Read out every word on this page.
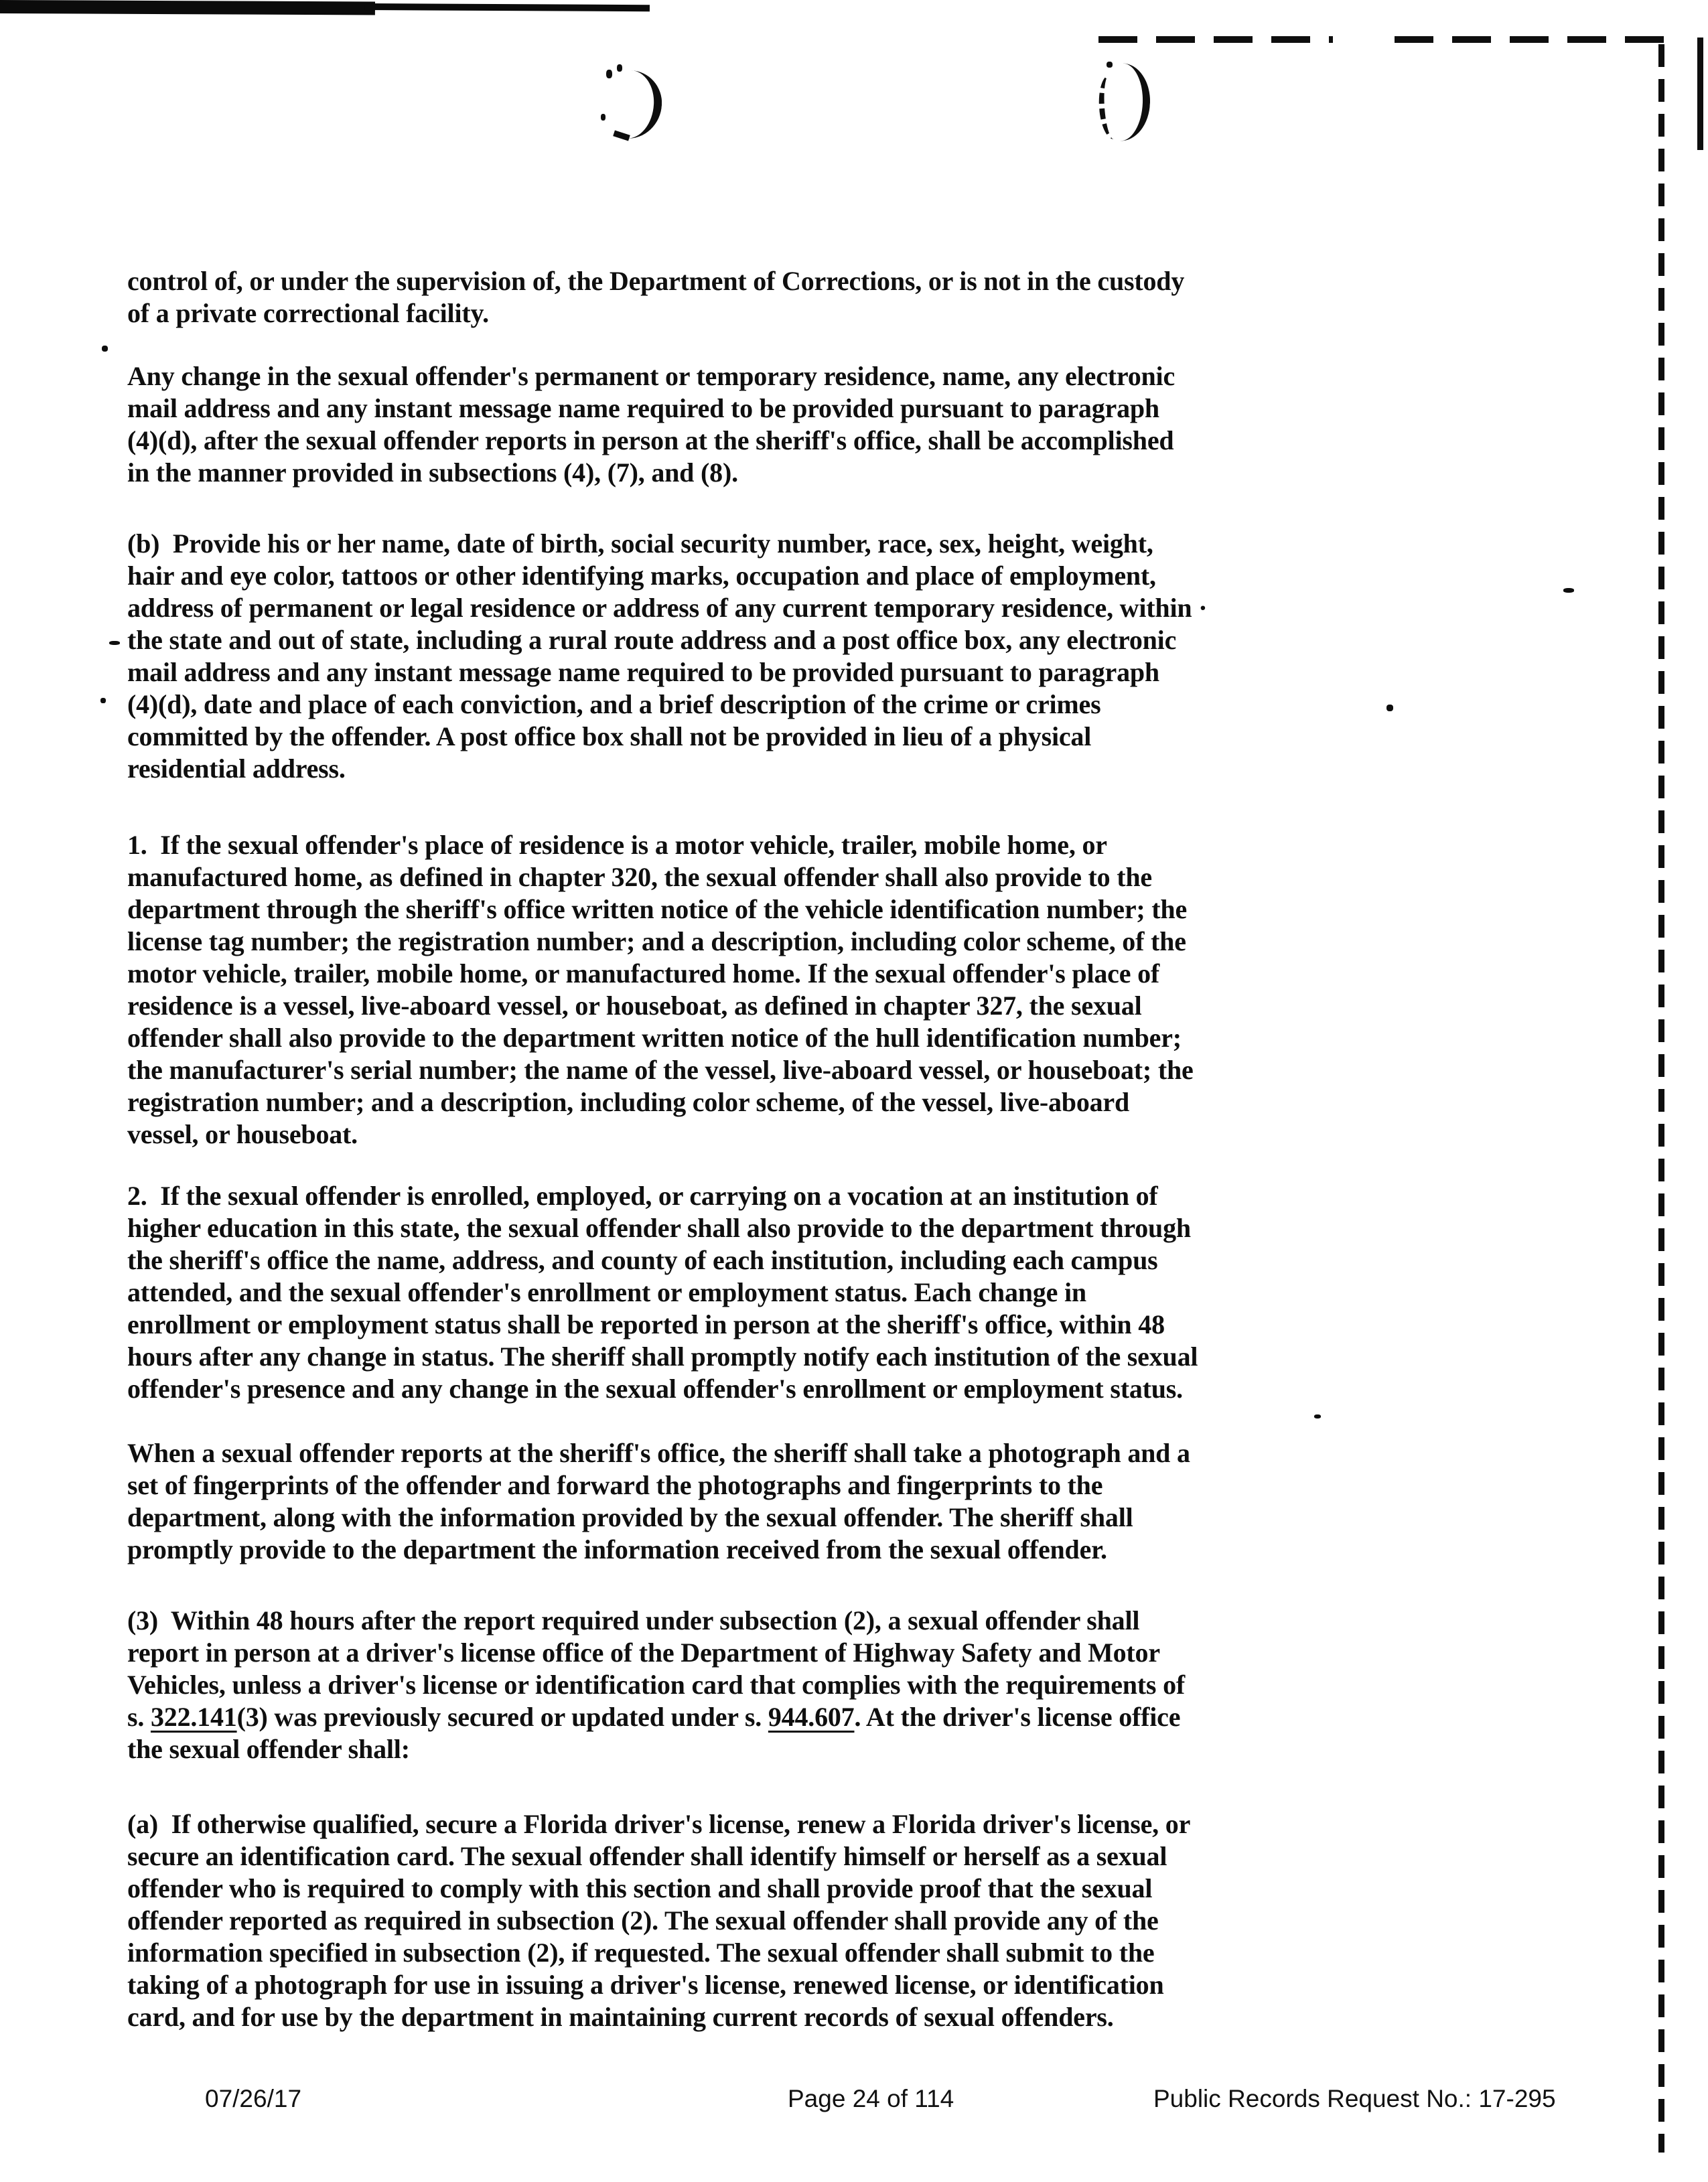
control of, or under the supervision of, the Department of Corrections, or is not in the custody
of a private correctional facility.
Any change in the sexual offender's permanent or temporary residence, name, any electronic
mail address and any instant message name required to be provided pursuant to paragraph
(4)(d), after the sexual offender reports in person at the sheriff's office, shall be accomplished
in the manner provided in subsections (4), (7), and (8).
(b)  Provide his or her name, date of birth, social security number, race, sex, height, weight,
hair and eye color, tattoos or other identifying marks, occupation and place of employment,
address of permanent or legal residence or address of any current temporary residence, within ·
the state and out of state, including a rural route address and a post office box, any electronic
mail address and any instant message name required to be provided pursuant to paragraph
(4)(d), date and place of each conviction, and a brief description of the crime or crimes
committed by the offender. A post office box shall not be provided in lieu of a physical
residential address.
1.  If the sexual offender's place of residence is a motor vehicle, trailer, mobile home, or
manufactured home, as defined in chapter 320, the sexual offender shall also provide to the
department through the sheriff's office written notice of the vehicle identification number; the
license tag number; the registration number; and a description, including color scheme, of the
motor vehicle, trailer, mobile home, or manufactured home. If the sexual offender's place of
residence is a vessel, live-aboard vessel, or houseboat, as defined in chapter 327, the sexual
offender shall also provide to the department written notice of the hull identification number;
the manufacturer's serial number; the name of the vessel, live-aboard vessel, or houseboat; the
registration number; and a description, including color scheme, of the vessel, live-aboard
vessel, or houseboat.
2.  If the sexual offender is enrolled, employed, or carrying on a vocation at an institution of
higher education in this state, the sexual offender shall also provide to the department through
the sheriff's office the name, address, and county of each institution, including each campus
attended, and the sexual offender's enrollment or employment status. Each change in
enrollment or employment status shall be reported in person at the sheriff's office, within 48
hours after any change in status. The sheriff shall promptly notify each institution of the sexual
offender's presence and any change in the sexual offender's enrollment or employment status.
When a sexual offender reports at the sheriff's office, the sheriff shall take a photograph and a
set of fingerprints of the offender and forward the photographs and fingerprints to the
department, along with the information provided by the sexual offender. The sheriff shall
promptly provide to the department the information received from the sexual offender.
(3)  Within 48 hours after the report required under subsection (2), a sexual offender shall
report in person at a driver's license office of the Department of Highway Safety and Motor
Vehicles, unless a driver's license or identification card that complies with the requirements of
s. 322.141(3) was previously secured or updated under s. 944.607. At the driver's license office
the sexual offender shall:
(a)  If otherwise qualified, secure a Florida driver's license, renew a Florida driver's license, or
secure an identification card. The sexual offender shall identify himself or herself as a sexual
offender who is required to comply with this section and shall provide proof that the sexual
offender reported as required in subsection (2). The sexual offender shall provide any of the
information specified in subsection (2), if requested. The sexual offender shall submit to the
taking of a photograph for use in issuing a driver's license, renewed license, or identification
card, and for use by the department in maintaining current records of sexual offenders.
07/26/17	Page 24 of 114	Public Records Request No.: 17-295
